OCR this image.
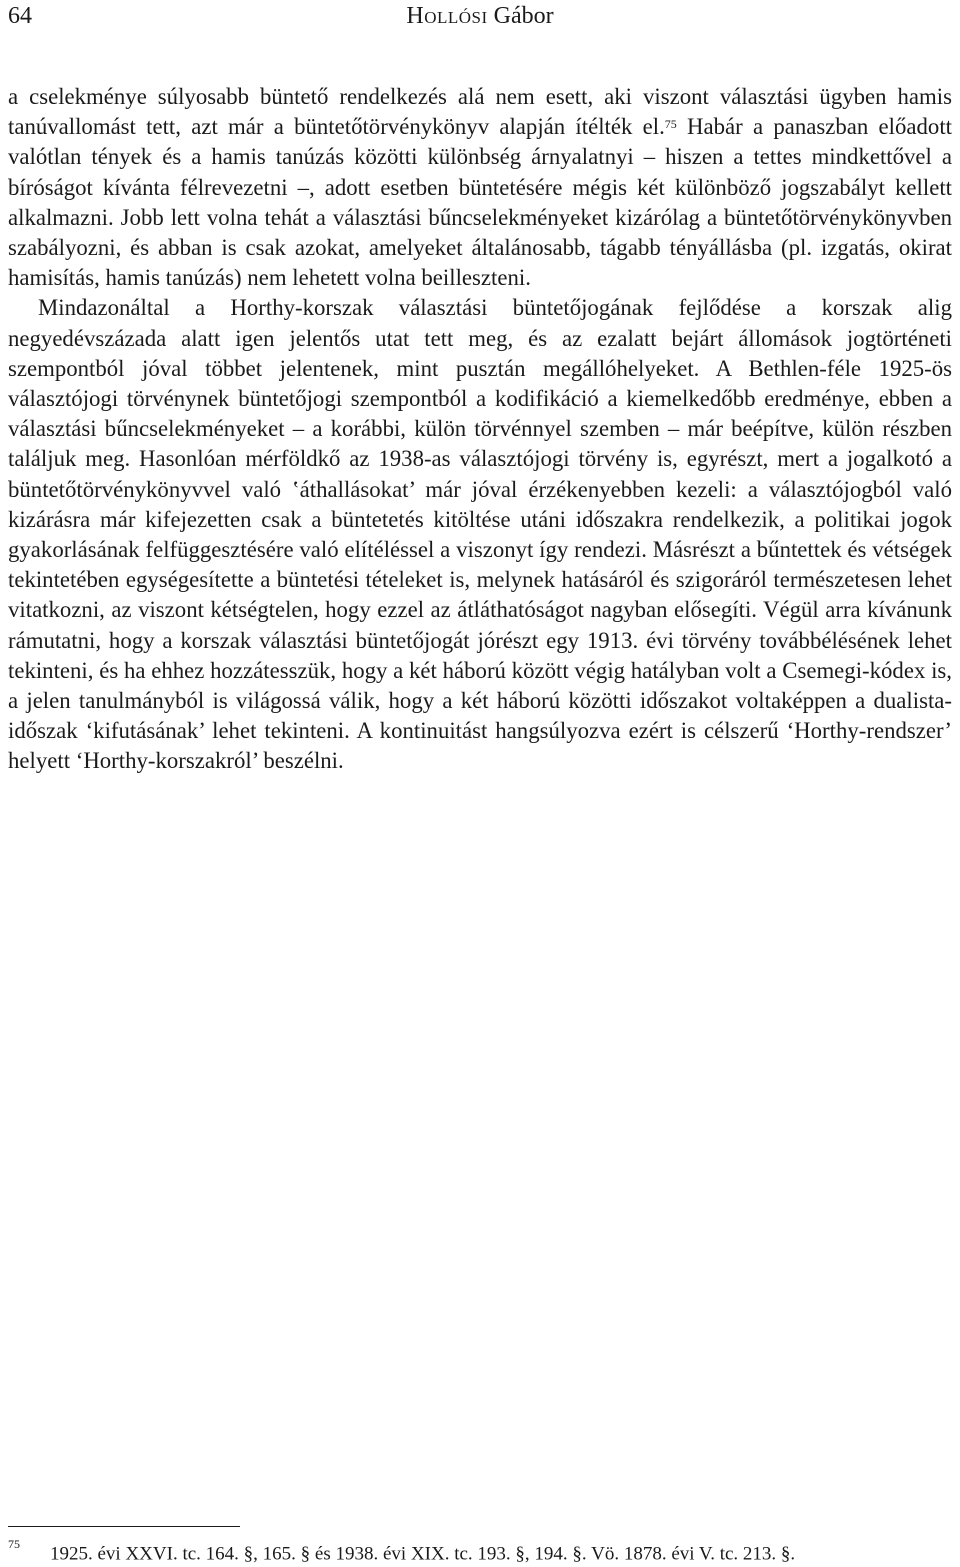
64	Hollósi Gábor

a cselekménye súlyosabb büntető rendelkezés alá nem esett, aki viszont választási ügyben hamis tanúvallomást tett, azt már a büntetőtörvénykönyv alapján ítélték el.$^{75}$ Habár a panaszban előadott valótlan tények és a hamis tanúzás közötti különbség árnyalatnyi – hiszen a tettes mindkettővel a bíróságot kívánta félrevezetni –, adott esetben büntetésére mégis két különböző jogszabályt kellett alkalmazni. Jobb lett volna tehát a választási bűncselekményeket kizárólag a büntetőtörvénykönyvben szabályozni, és abban is csak azokat, amelyeket általánosabb, tágabb tényállásba (pl. izgatás, okirat hamisítás, hamis tanúzás) nem lehetett volna beilleszteni.

Mindazonáltal a Horthy-korszak választási büntetőjogának fejlődése a korszak alig negyedévszázada alatt igen jelentős utat tett meg, és az ezalatt bejárt állomások jogtörténeti szempontból jóval többet jelentenek, mint pusztán megállóhelyeket. A Bethlen-féle 1925-ös választójogi törvénynek büntetőjogi szempontból a kodifikáció a kiemelkedőbb eredménye, ebben a választási bűncselekményeket – a korábbi, külön törvénnyel szemben – már beépítve, külön részben találjuk meg. Hasonlóan mérföldkő az 1938-as választójogi törvény is, egyrészt, mert a jogalkotó a büntetőtörvénykönyvvel való ‛áthallásokat’ már jóval érzékenyebben kezeli: a választójogból való kizárásra már kifejezetten csak a büntetetés kitöltése utáni időszakra rendelkezik, a politikai jogok gyakorlásának felfüggesztésére való elítéléssel a viszonyt így rendezi. Másrészt a bűntettek és vétségek tekintetében egységesítette a büntetési tételeket is, melynek hatásáról és szigoráról természetesen lehet vitatkozni, az viszont kétségtelen, hogy ezzel az átláthatóságot nagyban elősegíti. Végül arra kívánunk rámutatni, hogy a korszak választási büntetőjogát jórészt egy 1913. évi törvény továbbélésének lehet tekinteni, és ha ehhez hozzátesszük, hogy a két háború között végig hatályban volt a Csemegi-kódex is, a jelen tanulmányból is világossá válik, hogy a két háború közötti időszakot voltaképpen a dualista-időszak ‘kifutásának’ lehet tekinteni. A kontinuitást hangsúlyozva ezért is célszerű ‘Horthy-rendszer’ helyett ‘Horthy-korszakról’ beszélni.

$^{75}$ 1925. évi XXVI. tc. 164. §, 165. § és 1938. évi XIX. tc. 193. §, 194. §. Vö. 1878. évi V. tc. 213. §.
